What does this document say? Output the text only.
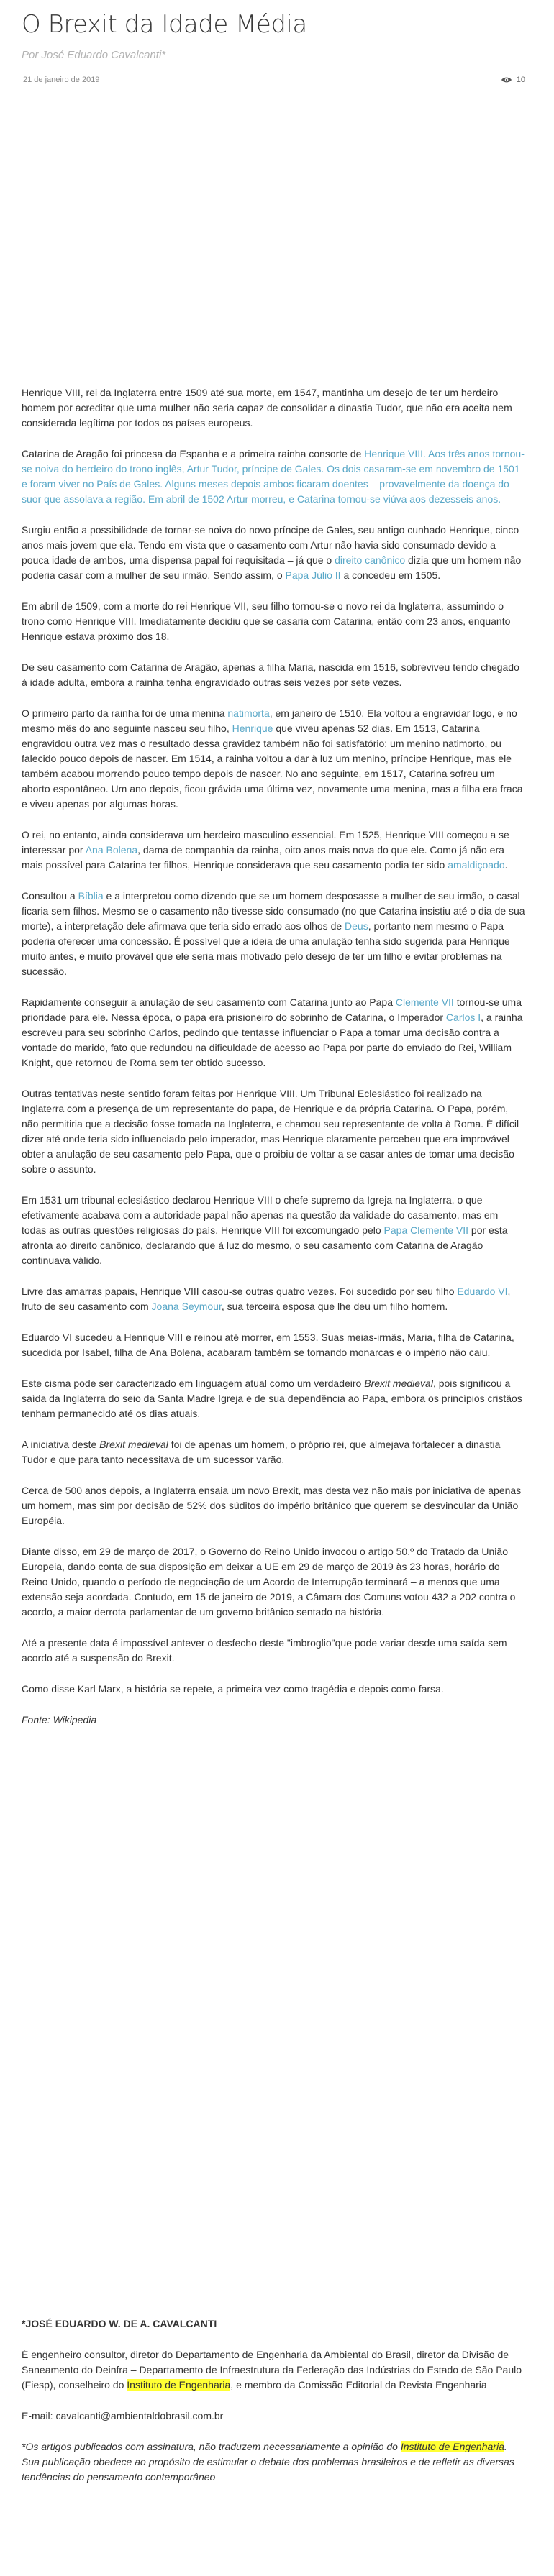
O Brexit da Idade Média
Por José Eduardo Cavalcanti*
21 de janeiro de 2019	10

Henrique VIII, rei da Inglaterra entre 1509 até sua morte, em 1547, mantinha um desejo de ter um herdeiro homem por acreditar que uma mulher não seria capaz de consolidar a dinastia Tudor, que não era aceita nem considerada legítima por todos os países europeus.

Catarina de Aragão foi princesa da Espanha e a primeira rainha consorte de Henrique VIII. Aos três anos tornou-se noiva do herdeiro do trono inglês, Artur Tudor, príncipe de Gales. Os dois casaram-se em novembro de 1501 e foram viver no País de Gales. Alguns meses depois ambos ficaram doentes – provavelmente da doença do suor que assolava a região. Em abril de 1502 Artur morreu, e Catarina tornou-se viúva aos dezesseis anos.

Surgiu então a possibilidade de tornar-se noiva do novo príncipe de Gales, seu antigo cunhado Henrique, cinco anos mais jovem que ela. Tendo em vista que o casamento com Artur não havia sido consumado devido a pouca idade de ambos, uma dispensa papal foi requisitada – já que o direito canônico dizia que um homem não poderia casar com a mulher de seu irmão. Sendo assim, o Papa Júlio II a concedeu em 1505.

Em abril de 1509, com a morte do rei Henrique VII, seu filho tornou-se o novo rei da Inglaterra, assumindo o trono como Henrique VIII. Imediatamente decidiu que se casaria com Catarina, então com 23 anos, enquanto Henrique estava próximo dos 18.

De seu casamento com Catarina de Aragão, apenas a filha Maria, nascida em 1516, sobreviveu tendo chegado à idade adulta, embora a rainha tenha engravidado outras seis vezes por sete vezes.

O primeiro parto da rainha foi de uma menina natimorta, em janeiro de 1510. Ela voltou a engravidar logo, e no mesmo mês do ano seguinte nasceu seu filho, Henrique que viveu apenas 52 dias. Em 1513, Catarina engravidou outra vez mas o resultado dessa gravidez também não foi satisfatório: um menino natimorto, ou falecido pouco depois de nascer. Em 1514, a rainha voltou a dar à luz um menino, príncipe Henrique, mas ele também acabou morrendo pouco tempo depois de nascer. No ano seguinte, em 1517, Catarina sofreu um aborto espontâneo. Um ano depois, ficou grávida uma última vez, novamente uma menina, mas a filha era fraca e viveu apenas por algumas horas.

O rei, no entanto, ainda considerava um herdeiro masculino essencial. Em 1525, Henrique VIII começou a se interessar por Ana Bolena, dama de companhia da rainha, oito anos mais nova do que ele. Como já não era mais possível para Catarina ter filhos, Henrique considerava que seu casamento podia ter sido amaldiçoado.

Consultou a Bíblia e a interpretou como dizendo que se um homem desposasse a mulher de seu irmão, o casal ficaria sem filhos. Mesmo se o casamento não tivesse sido consumado (no que Catarina insistiu até o dia de sua morte), a interpretação dele afirmava que teria sido errado aos olhos de Deus, portanto nem mesmo o Papa poderia oferecer uma concessão. É possível que a ideia de uma anulação tenha sido sugerida para Henrique muito antes, e muito provável que ele seria mais motivado pelo desejo de ter um filho e evitar problemas na sucessão.

Rapidamente conseguir a anulação de seu casamento com Catarina junto ao Papa Clemente VII tornou-se uma prioridade para ele. Nessa época, o papa era prisioneiro do sobrinho de Catarina, o Imperador Carlos I, a rainha escreveu para seu sobrinho Carlos, pedindo que tentasse influenciar o Papa a tomar uma decisão contra a vontade do marido, fato que redundou na dificuldade de acesso ao Papa por parte do enviado do Rei, William Knight, que retornou de Roma sem ter obtido sucesso.

Outras tentativas neste sentido foram feitas por Henrique VIII. Um Tribunal Eclesiástico foi realizado na Inglaterra com a presença de um representante do papa, de Henrique e da própria Catarina. O Papa, porém, não permitiria que a decisão fosse tomada na Inglaterra, e chamou seu representante de volta à Roma. É difícil dizer até onde teria sido influenciado pelo imperador, mas Henrique claramente percebeu que era improvável obter a anulação de seu casamento pelo Papa, que o proibiu de voltar a se casar antes de tomar uma decisão sobre o assunto.

Em 1531 um tribunal eclesiástico declarou Henrique VIII o chefe supremo da Igreja na Inglaterra, o que efetivamente acabava com a autoridade papal não apenas na questão da validade do casamento, mas em todas as outras questões religiosas do país. Henrique VIII foi excomungado pelo Papa Clemente VII por esta afronta ao direito canônico, declarando que à luz do mesmo, o seu casamento com Catarina de Aragão continuava válido.

Livre das amarras papais, Henrique VIII casou-se outras quatro vezes. Foi sucedido por seu filho Eduardo VI, fruto de seu casamento com Joana Seymour, sua terceira esposa que lhe deu um filho homem.

Eduardo VI sucedeu a Henrique VIII e reinou até morrer, em 1553. Suas meias-irmãs, Maria, filha de Catarina, sucedida por Isabel, filha de Ana Bolena, acabaram também se tornando monarcas e o império não caiu.

Este cisma pode ser caracterizado em linguagem atual como um verdadeiro Brexit medieval, pois significou a saída da Inglaterra do seio da Santa Madre Igreja e de sua dependência ao Papa, embora os princípios cristãos tenham permanecido até os dias atuais.

A iniciativa deste Brexit medieval foi de apenas um homem, o próprio rei, que almejava fortalecer a dinastia Tudor e que para tanto necessitava de um sucessor varão.

Cerca de 500 anos depois, a Inglaterra ensaia um novo Brexit, mas desta vez não mais por iniciativa de apenas um homem, mas sim por decisão de 52% dos súditos do império britânico que querem se desvincular da União Européia.

Diante disso, em 29 de março de 2017, o Governo do Reino Unido invocou o artigo 50.º do Tratado da União Europeia, dando conta de sua disposição em deixar a UE em 29 de março de 2019 às 23 horas, horário do Reino Unido, quando o período de negociação de um Acordo de Interrupção terminará – a menos que uma extensão seja acordada. Contudo, em 15 de janeiro de 2019, a Câmara dos Comuns votou 432 a 202 contra o acordo, a maior derrota parlamentar de um governo britânico sentado na história.

Até a presente data é impossível antever o desfecho deste "imbroglio"que pode variar desde uma saída sem acordo até a suspensão do Brexit.

Como disse Karl Marx, a história se repete, a primeira vez como tragédia e depois como farsa.

Fonte: Wikipedia

*JOSÉ EDUARDO W. DE A. CAVALCANTI

É engenheiro consultor, diretor do Departamento de Engenharia da Ambiental do Brasil, diretor da Divisão de Saneamento do Deinfra – Departamento de Infraestrutura da Federação das Indústrias do Estado de São Paulo (Fiesp), conselheiro do Instituto de Engenharia, e membro da Comissão Editorial da Revista Engenharia

E-mail: cavalcanti@ambientaldobrasil.com.br

*Os artigos publicados com assinatura, não traduzem necessariamente a opinião do Instituto de Engenharia. Sua publicação obedece ao propósito de estimular o debate dos problemas brasileiros e de refletir as diversas tendências do pensamento contemporâneo
